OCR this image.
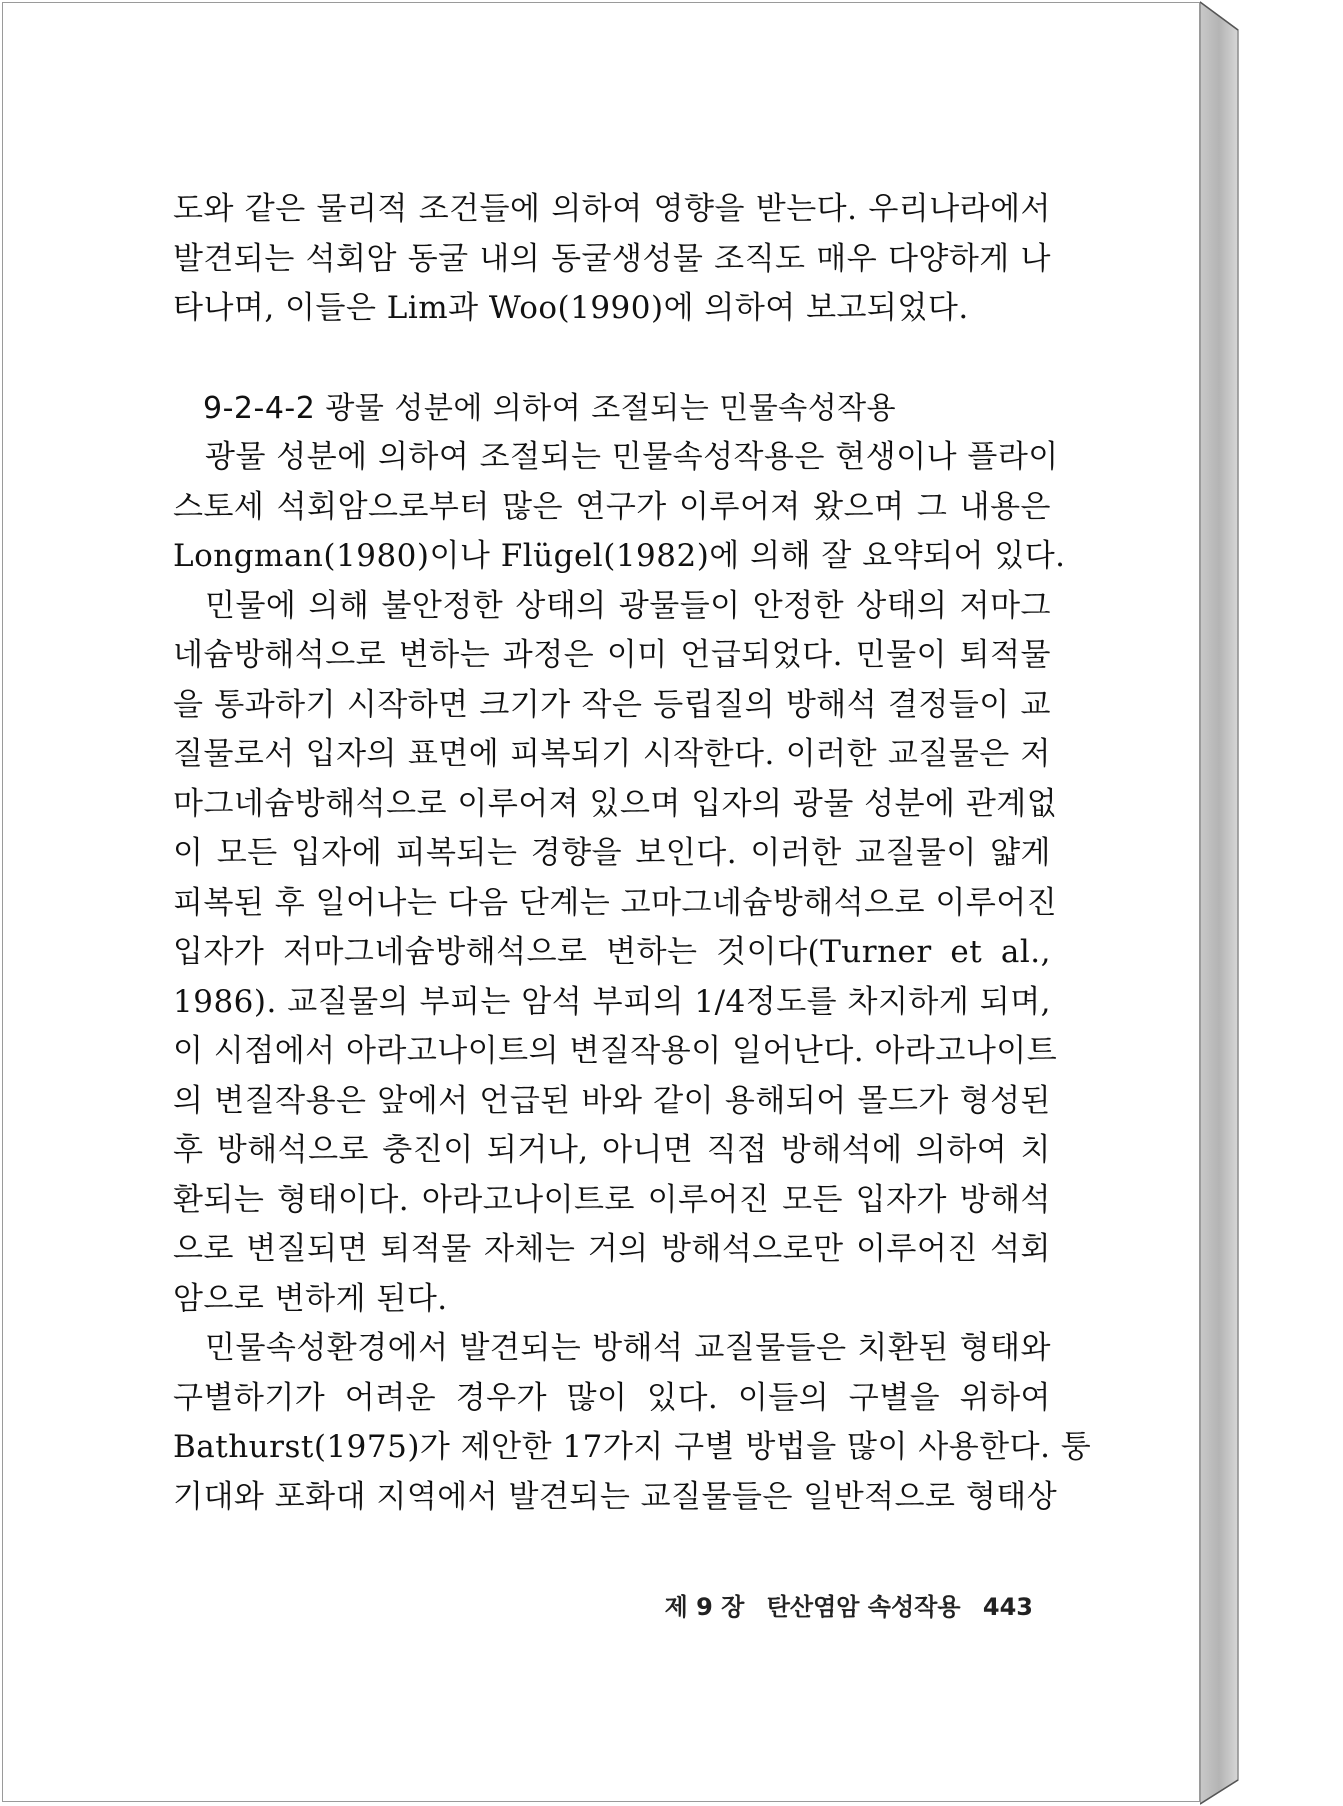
도와 같은 물리적 조건들에 의하여 영향을 받는다. 우리나라에서
발견되는 석회암 동굴 내의 동굴생성물 조직도 매우 다양하게 나
타나며, 이들은 Lim과 Woo(1990)에 의하여 보고되었다.
9-2-4-2 광물 성분에 의하여 조절되는 민물속성작용
광물 성분에 의하여 조절되는 민물속성작용은 현생이나 플라이
스토세 석회암으로부터 많은 연구가 이루어져 왔으며 그 내용은
Longman(1980)이나 Flügel(1982)에 의해 잘 요약되어 있다.
민물에 의해 불안정한 상태의 광물들이 안정한 상태의 저마그
네슘방해석으로 변하는 과정은 이미 언급되었다. 민물이 퇴적물
을 통과하기 시작하면 크기가 작은 등립질의 방해석 결정들이 교
질물로서 입자의 표면에 피복되기 시작한다. 이러한 교질물은 저
마그네슘방해석으로 이루어져 있으며 입자의 광물 성분에 관계없
이 모든 입자에 피복되는 경향을 보인다. 이러한 교질물이 얇게
피복된 후 일어나는 다음 단계는 고마그네슘방해석으로 이루어진
입자가 저마그네슘방해석으로 변하는 것이다(Turner et al.,
1986). 교질물의 부피는 암석 부피의 1/4정도를 차지하게 되며,
이 시점에서 아라고나이트의 변질작용이 일어난다. 아라고나이트
의 변질작용은 앞에서 언급된 바와 같이 용해되어 몰드가 형성된
후 방해석으로 충진이 되거나, 아니면 직접 방해석에 의하여 치
환되는 형태이다. 아라고나이트로 이루어진 모든 입자가 방해석
으로 변질되면 퇴적물 자체는 거의 방해석으로만 이루어진 석회
암으로 변하게 된다.
민물속성환경에서 발견되는 방해석 교질물들은 치환된 형태와
구별하기가 어려운 경우가 많이 있다. 이들의 구별을 위하여
Bathurst(1975)가 제안한 17가지 구별 방법을 많이 사용한다. 퉁
기대와 포화대 지역에서 발견되는 교질물들은 일반적으로 형태상
제 9 장 탄산염암 속성작용 443
